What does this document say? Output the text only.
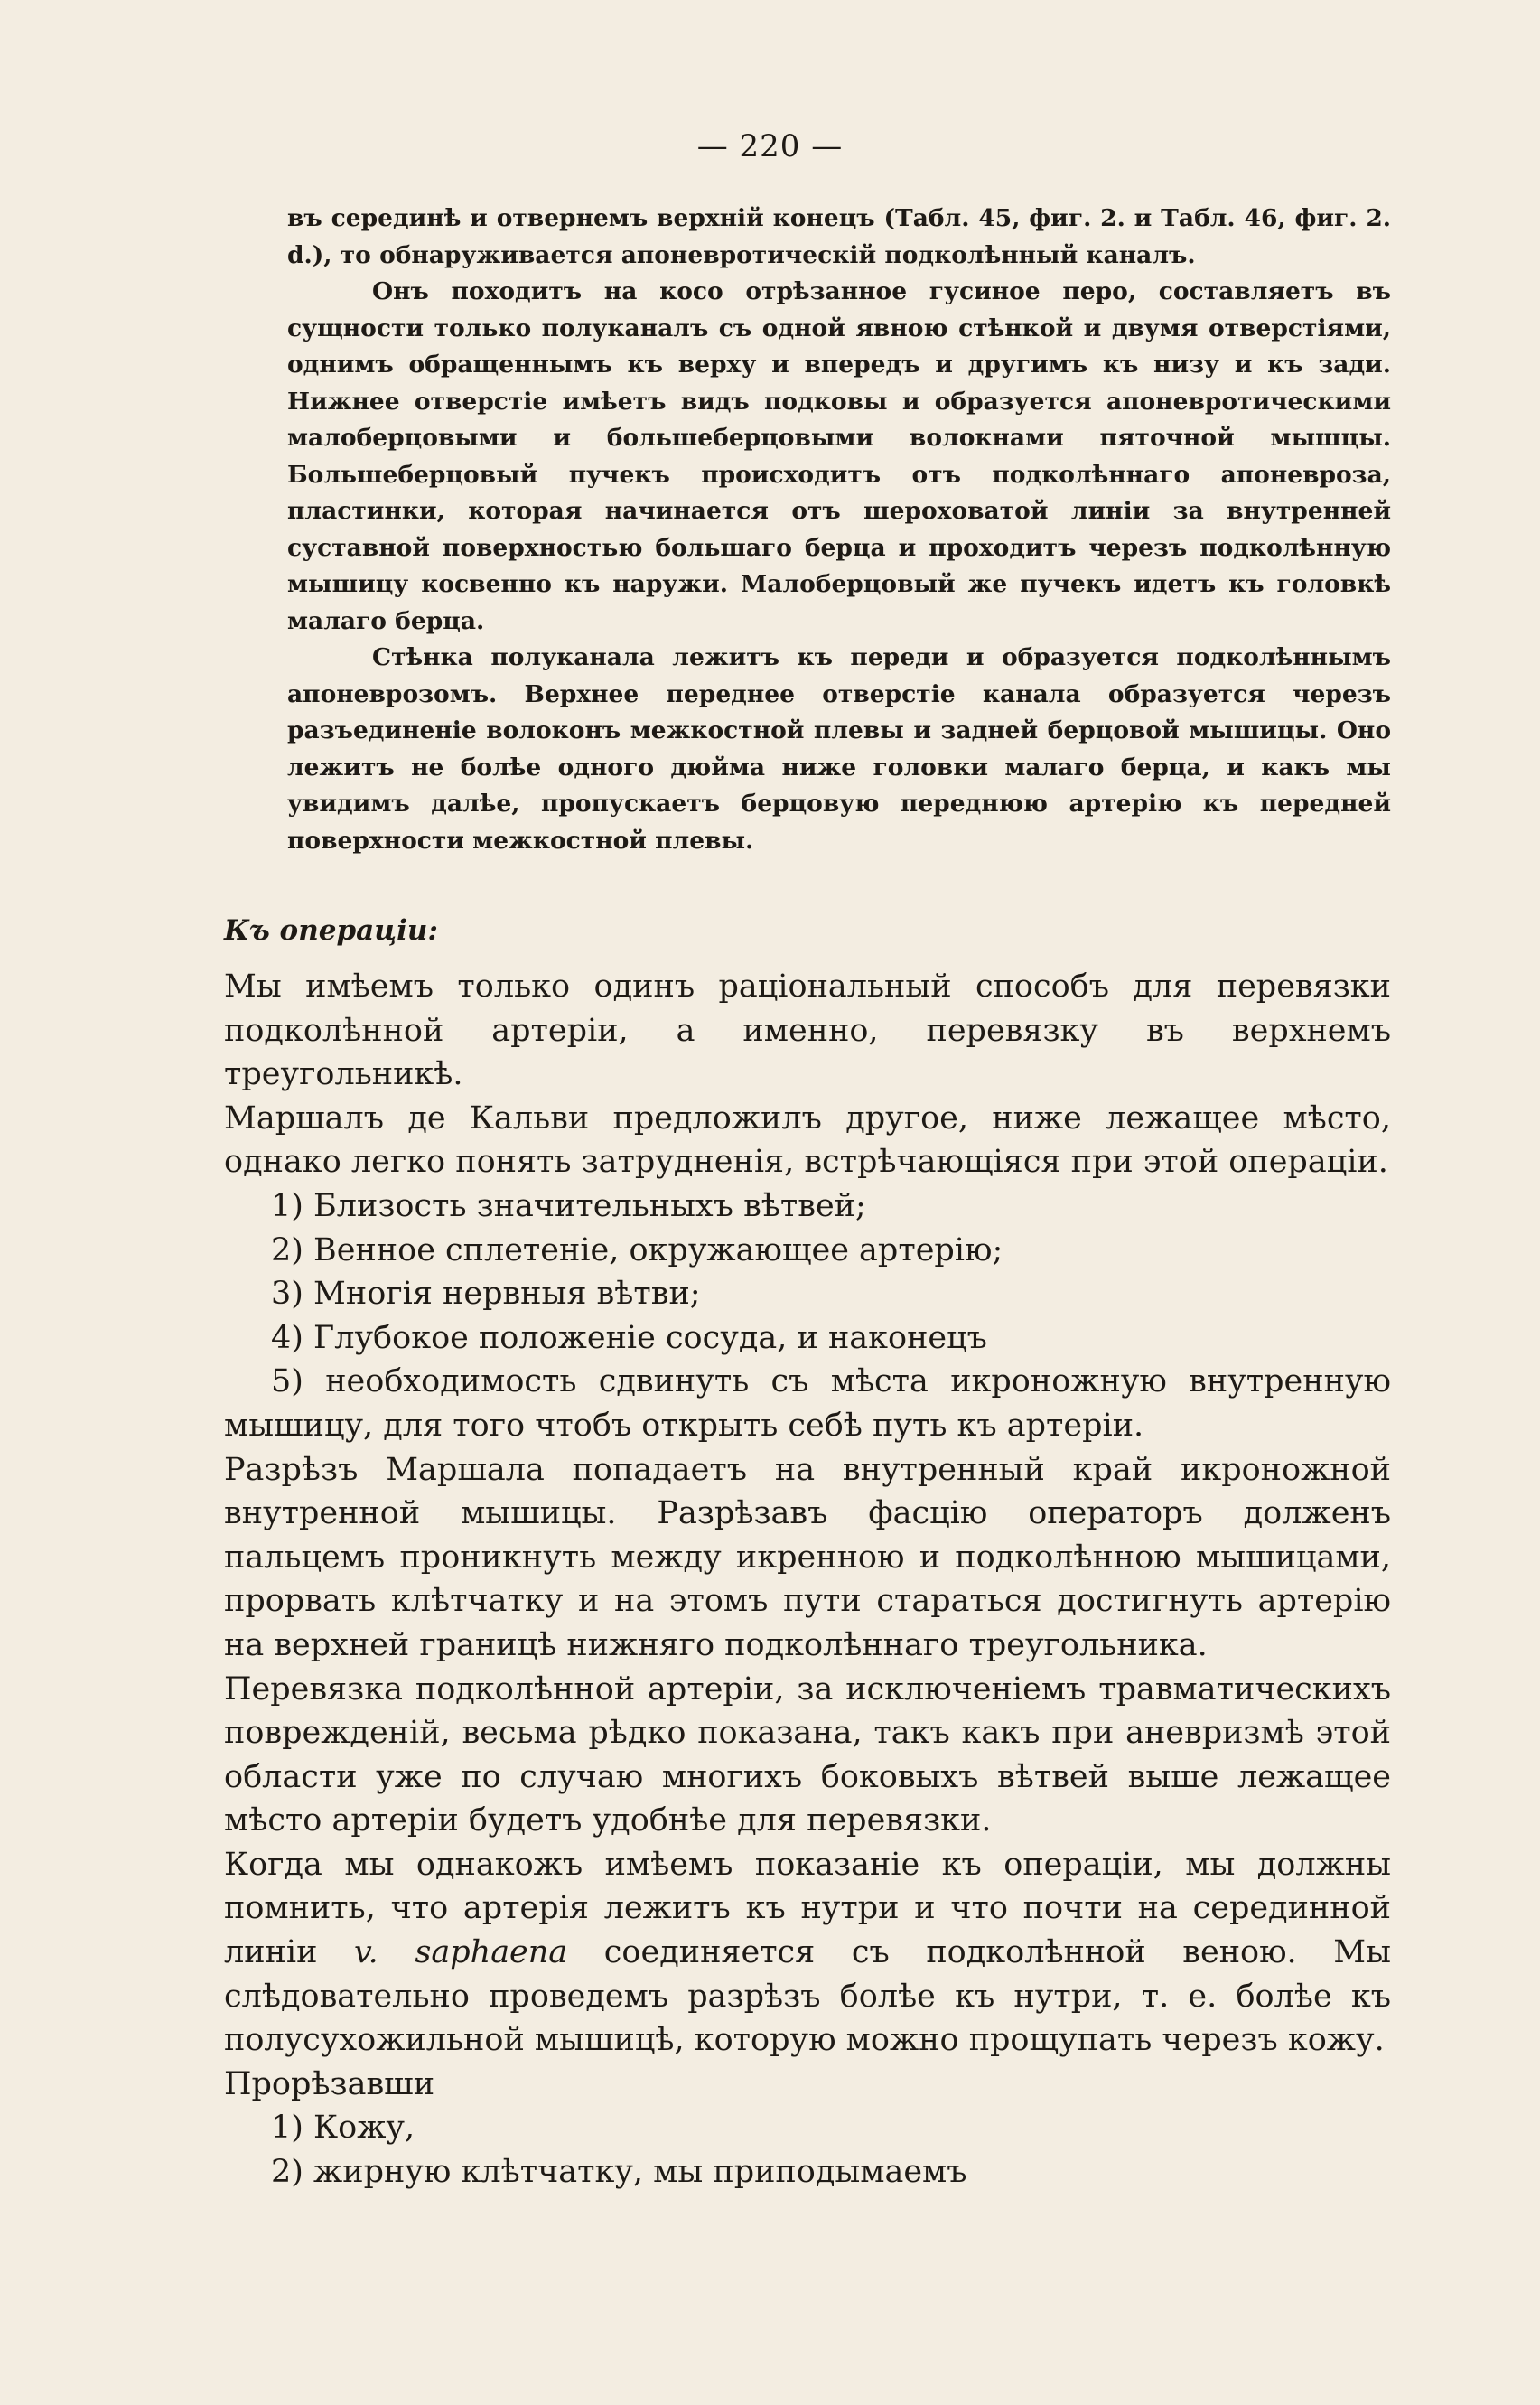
— 220 —

въ серединѣ и отвернемъ верхній конецъ (Табл. 45, фиг. 2. и Табл. 46, фиг. 2. d.), то обнаруживается апоневротическій подколѣнный каналъ.

Онъ походитъ на косо отрѣзанное гусиное перо, составляетъ въ сущности только полуканалъ съ одной явною стѣнкой и двумя отверстіями, однимъ обращеннымъ къ верху и впередъ и другимъ къ низу и къ зади. Нижнее отверстіе имѣетъ видъ подковы и образуется апоневротическими малоберцовыми и большеберцовыми волокнами пяточной мышцы. Большеберцовый пучекъ происходитъ отъ подколѣннаго апоневроза, пластинки, которая начинается отъ шероховатой линіи за внутренней суставной поверхностью большаго берца и проходитъ черезъ подколѣнную мышицу косвенно къ наружи. Малоберцовый же пучекъ идетъ къ головкѣ малаго берца.

Стѣнка полуканала лежитъ къ переди и образуется подколѣннымъ апоневрозомъ. Верхнее переднее отверстіе канала образуется черезъ разъединеніе волоконъ межкостной плевы и задней берцовой мышицы. Оно лежитъ не болѣе одного дюйма ниже головки малаго берца, и какъ мы увидимъ далѣе, пропускаетъ берцовую переднюю артерію къ передней поверхности межкостной плевы.

Къ операціи:

Мы имѣемъ только одинъ раціональный способъ для перевязки подколѣнной артеріи, а именно, перевязку въ верхнемъ треугольникѣ.

Маршалъ де Кальви предложилъ другое, ниже лежащее мѣсто, однако легко понять затрудненія, встрѣчающіяся при этой операціи.

1) Близость значительныхъ вѣтвей;

2) Венное сплетеніе, окружающее артерію;

3) Многія нервныя вѣтви;

4) Глубокое положеніе сосуда, и наконецъ

5) необходимость сдвинуть съ мѣста икроножную внутренную мышицу, для того чтобъ открыть себѣ путь къ артеріи.

Разрѣзъ Маршала попадаетъ на внутренный край икроножной внутренной мышицы. Разрѣзавъ фасцію операторъ долженъ пальцемъ проникнуть между икренною и подколѣнною мышицами, прорвать клѣтчатку и на этомъ пути стараться достигнуть артерію на верхней границѣ нижняго подколѣннаго треугольника.

Перевязка подколѣнной артеріи, за исключеніемъ травматическихъ поврежденій, весьма рѣдко показана, такъ какъ при аневризмѣ этой области уже по случаю многихъ боковыхъ вѣтвей выше лежащее мѣсто артеріи будетъ удобнѣе для перевязки.

Когда мы однакожъ имѣемъ показаніе къ операціи, мы должны помнить, что артерія лежитъ къ нутри и что почти на серединной линіи v. saphaena соединяется съ подколѣнной веною. Мы слѣдовательно проведемъ разрѣзъ болѣе къ нутри, т. е. болѣе къ полусухожильной мышицѣ, которую можно прощупать черезъ кожу.

Прорѣзавши

1) Кожу,

2) жирную клѣтчатку, мы приподымаемъ
